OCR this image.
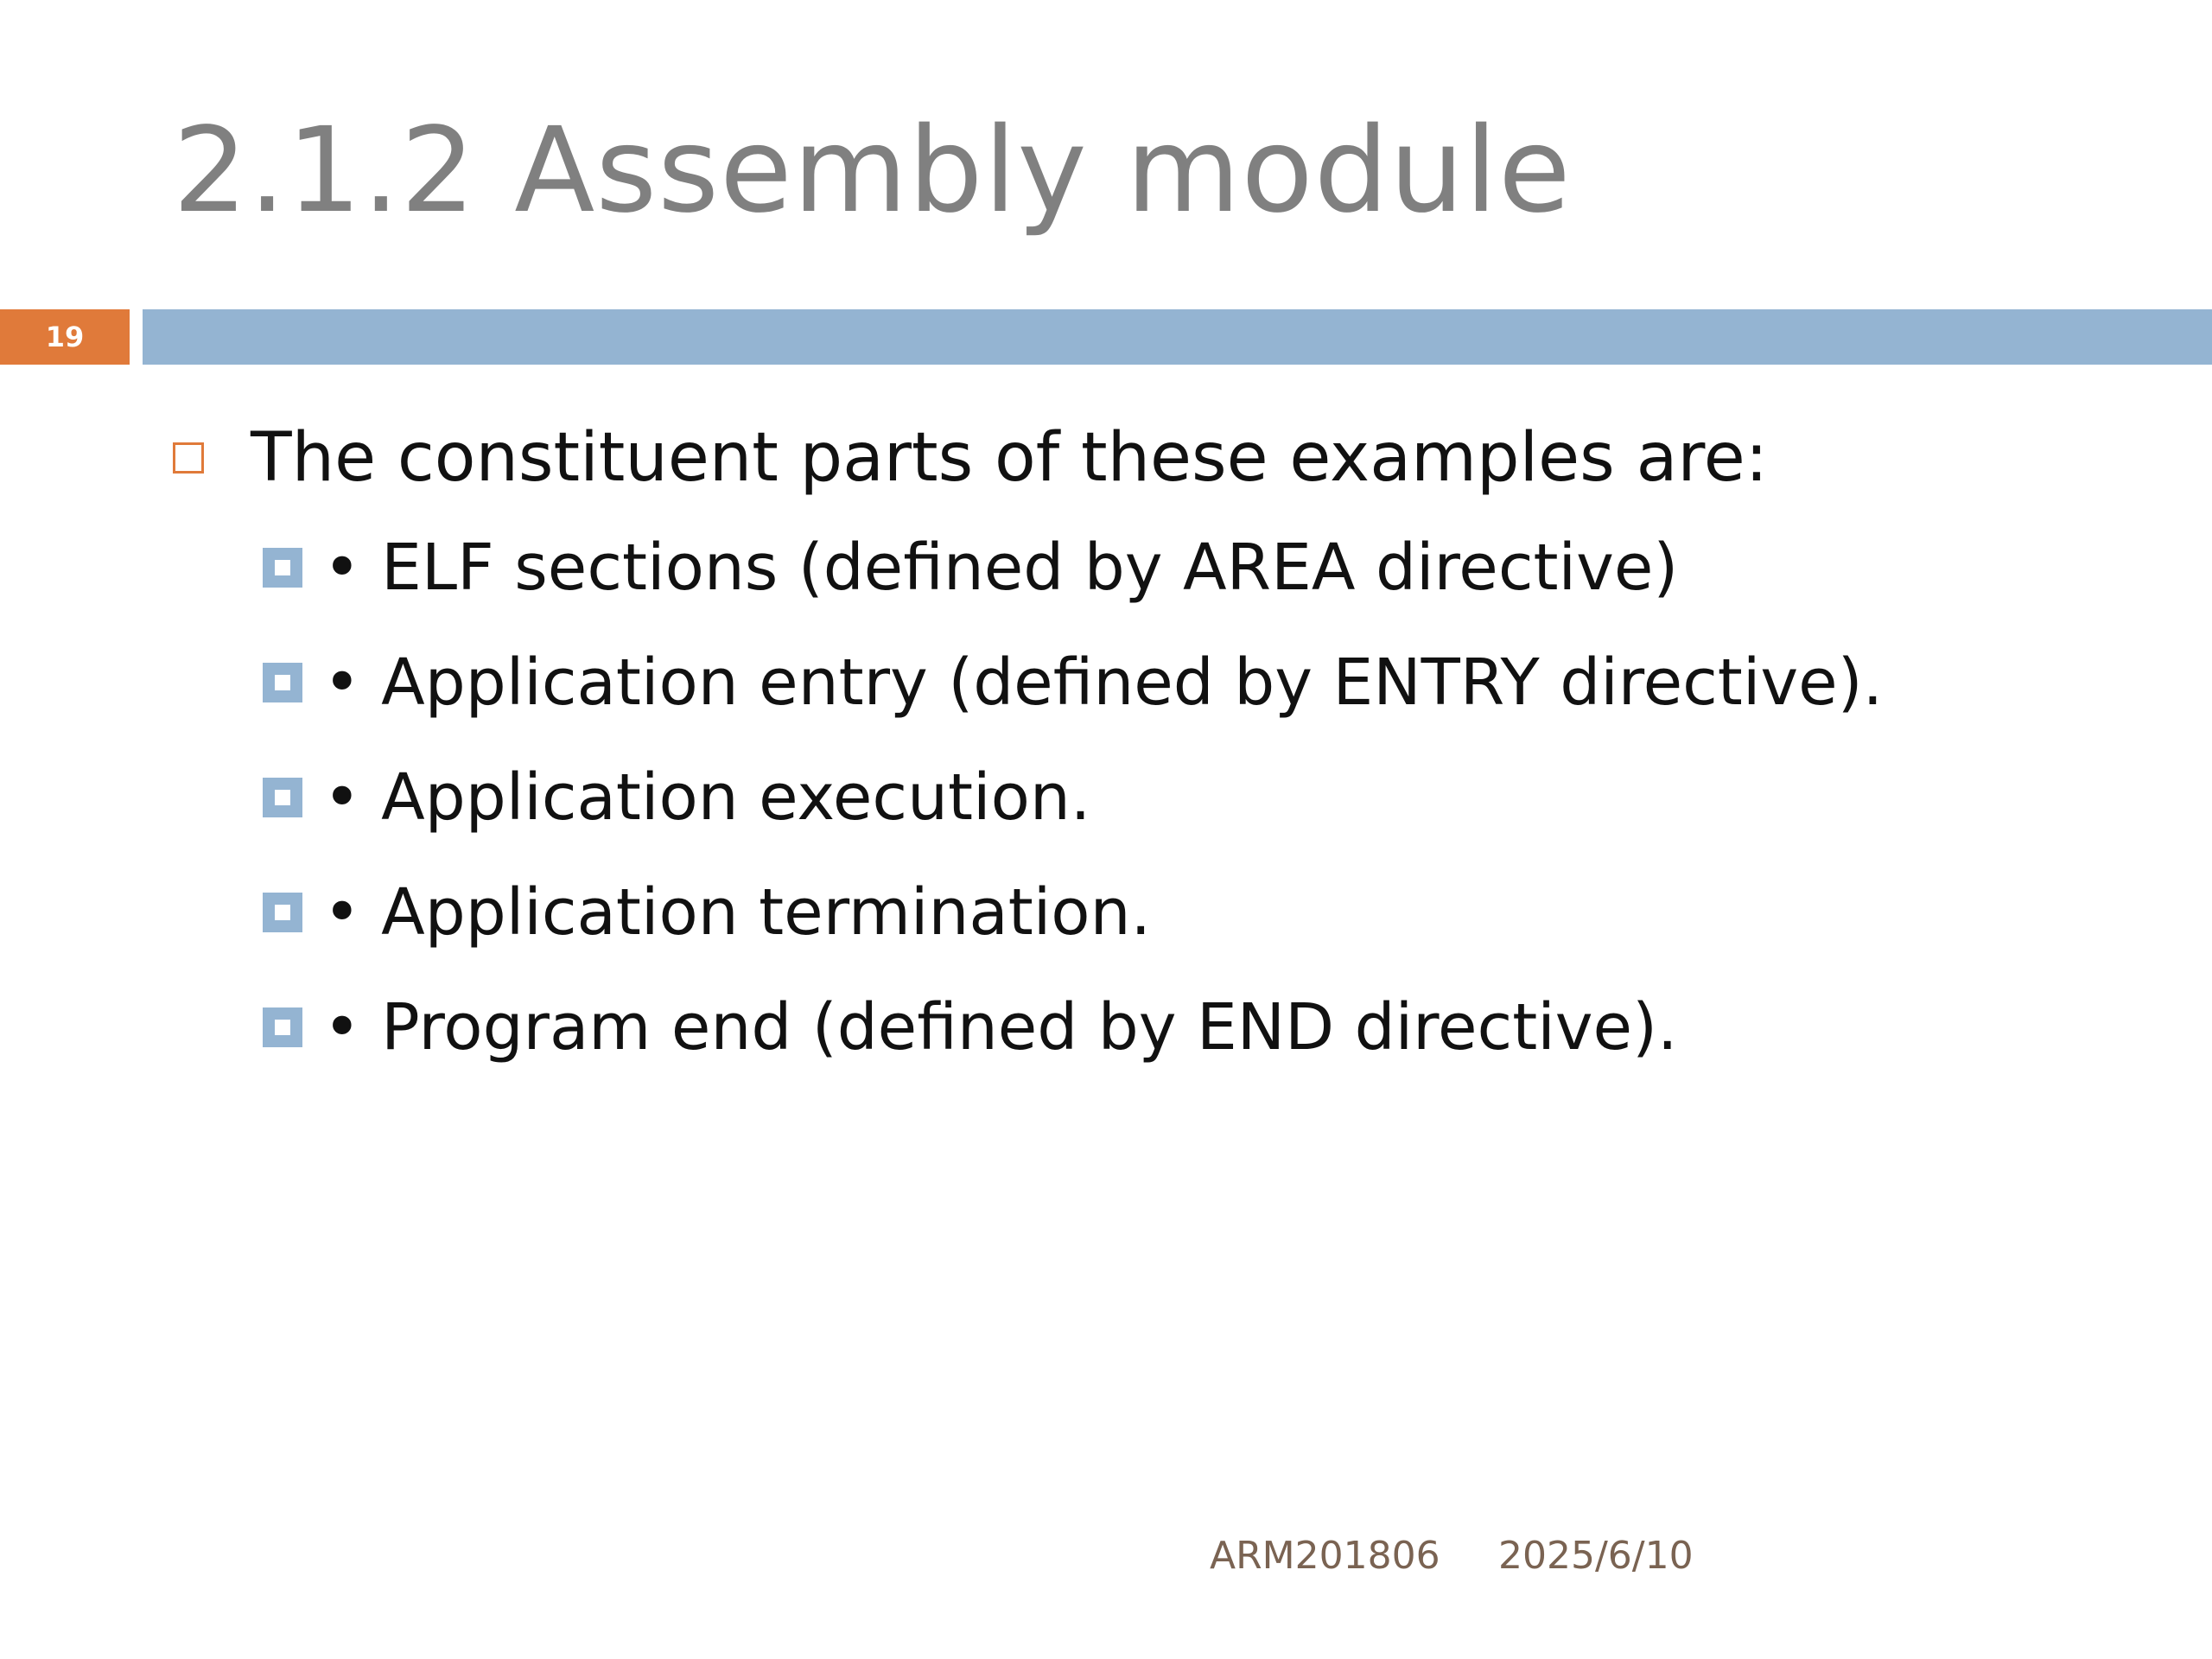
2.1.2 Assembly module
19
The constituent parts of these examples are:
• ELF sections (defined by AREA directive)
• Application entry (defined by ENTRY directive).
• Application execution.
• Application termination.
• Program end (defined by END directive).
ARM201806 2025/6/10
